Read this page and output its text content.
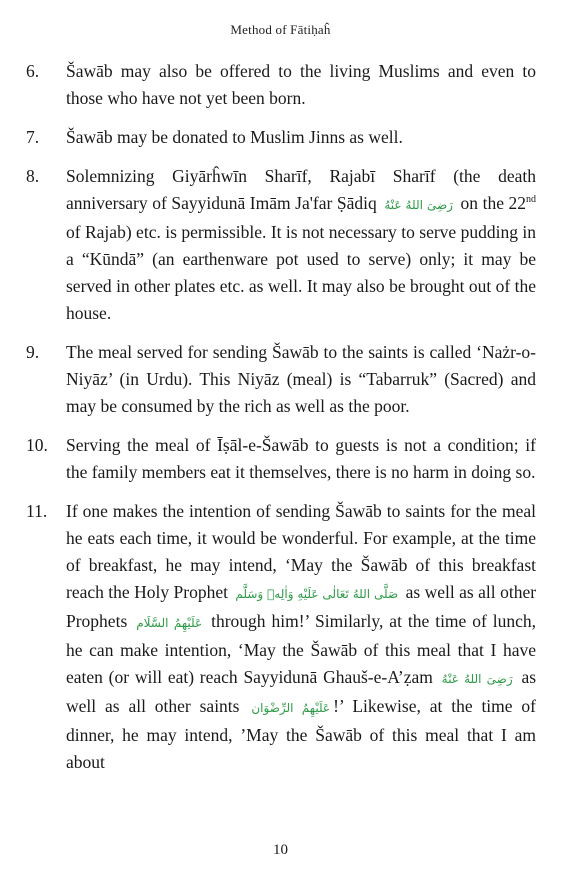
Method of Fātiḥaĥ
6.	Šawāb may also be offered to the living Muslims and even to those who have not yet been born.
7.	Šawāb may be donated to Muslim Jinns as well.
8.	Solemnizing Giyārĥwīn Sharīf, Rajabī Sharīf (the death anniversary of Sayyidunā Imām Ja'far Ṣādiq رَضِیَ اللهُ عَنْهُ on the 22nd of Rajab) etc. is permissible. It is not necessary to serve pudding in a “Kūndā” (an earthenware pot used to serve) only; it may be served in other plates etc. as well. It may also be brought out of the house.
9.	The meal served for sending Šawāb to the saints is called ‘Nażr-o-Niyāz’ (in Urdu). This Niyāz (meal) is “Tabarruk” (Sacred) and may be consumed by the rich as well as the poor.
10.	Serving the meal of Īṣāl-e-Šawāb to guests is not a condition; if the family members eat it themselves, there is no harm in doing so.
11.	If one makes the intention of sending Šawāb to saints for the meal he eats each time, it would be wonderful. For example, at the time of breakfast, he may intend, ‘May the Šawāb of this breakfast reach the Holy Prophet صَلَّى اللهُ تَعَالٰی عَلَيْهِ وَاٰلِهٖ وَسَلَّم as well as all other Prophets عَلَيْهِمُ السَّلَام through him!’ Similarly, at the time of lunch, he can make intention, ‘May the Šawāb of this meal that I have eaten (or will eat) reach Sayyidunā Ghauš-e-A’ẓam رَضِیَ اللهُ عَنْهُ as well as all other saints عَلَيْهِمُ الرِّضْوَان !’ Likewise, at the time of dinner, he may intend, ’May the Šawāb of this meal that I am about
10
